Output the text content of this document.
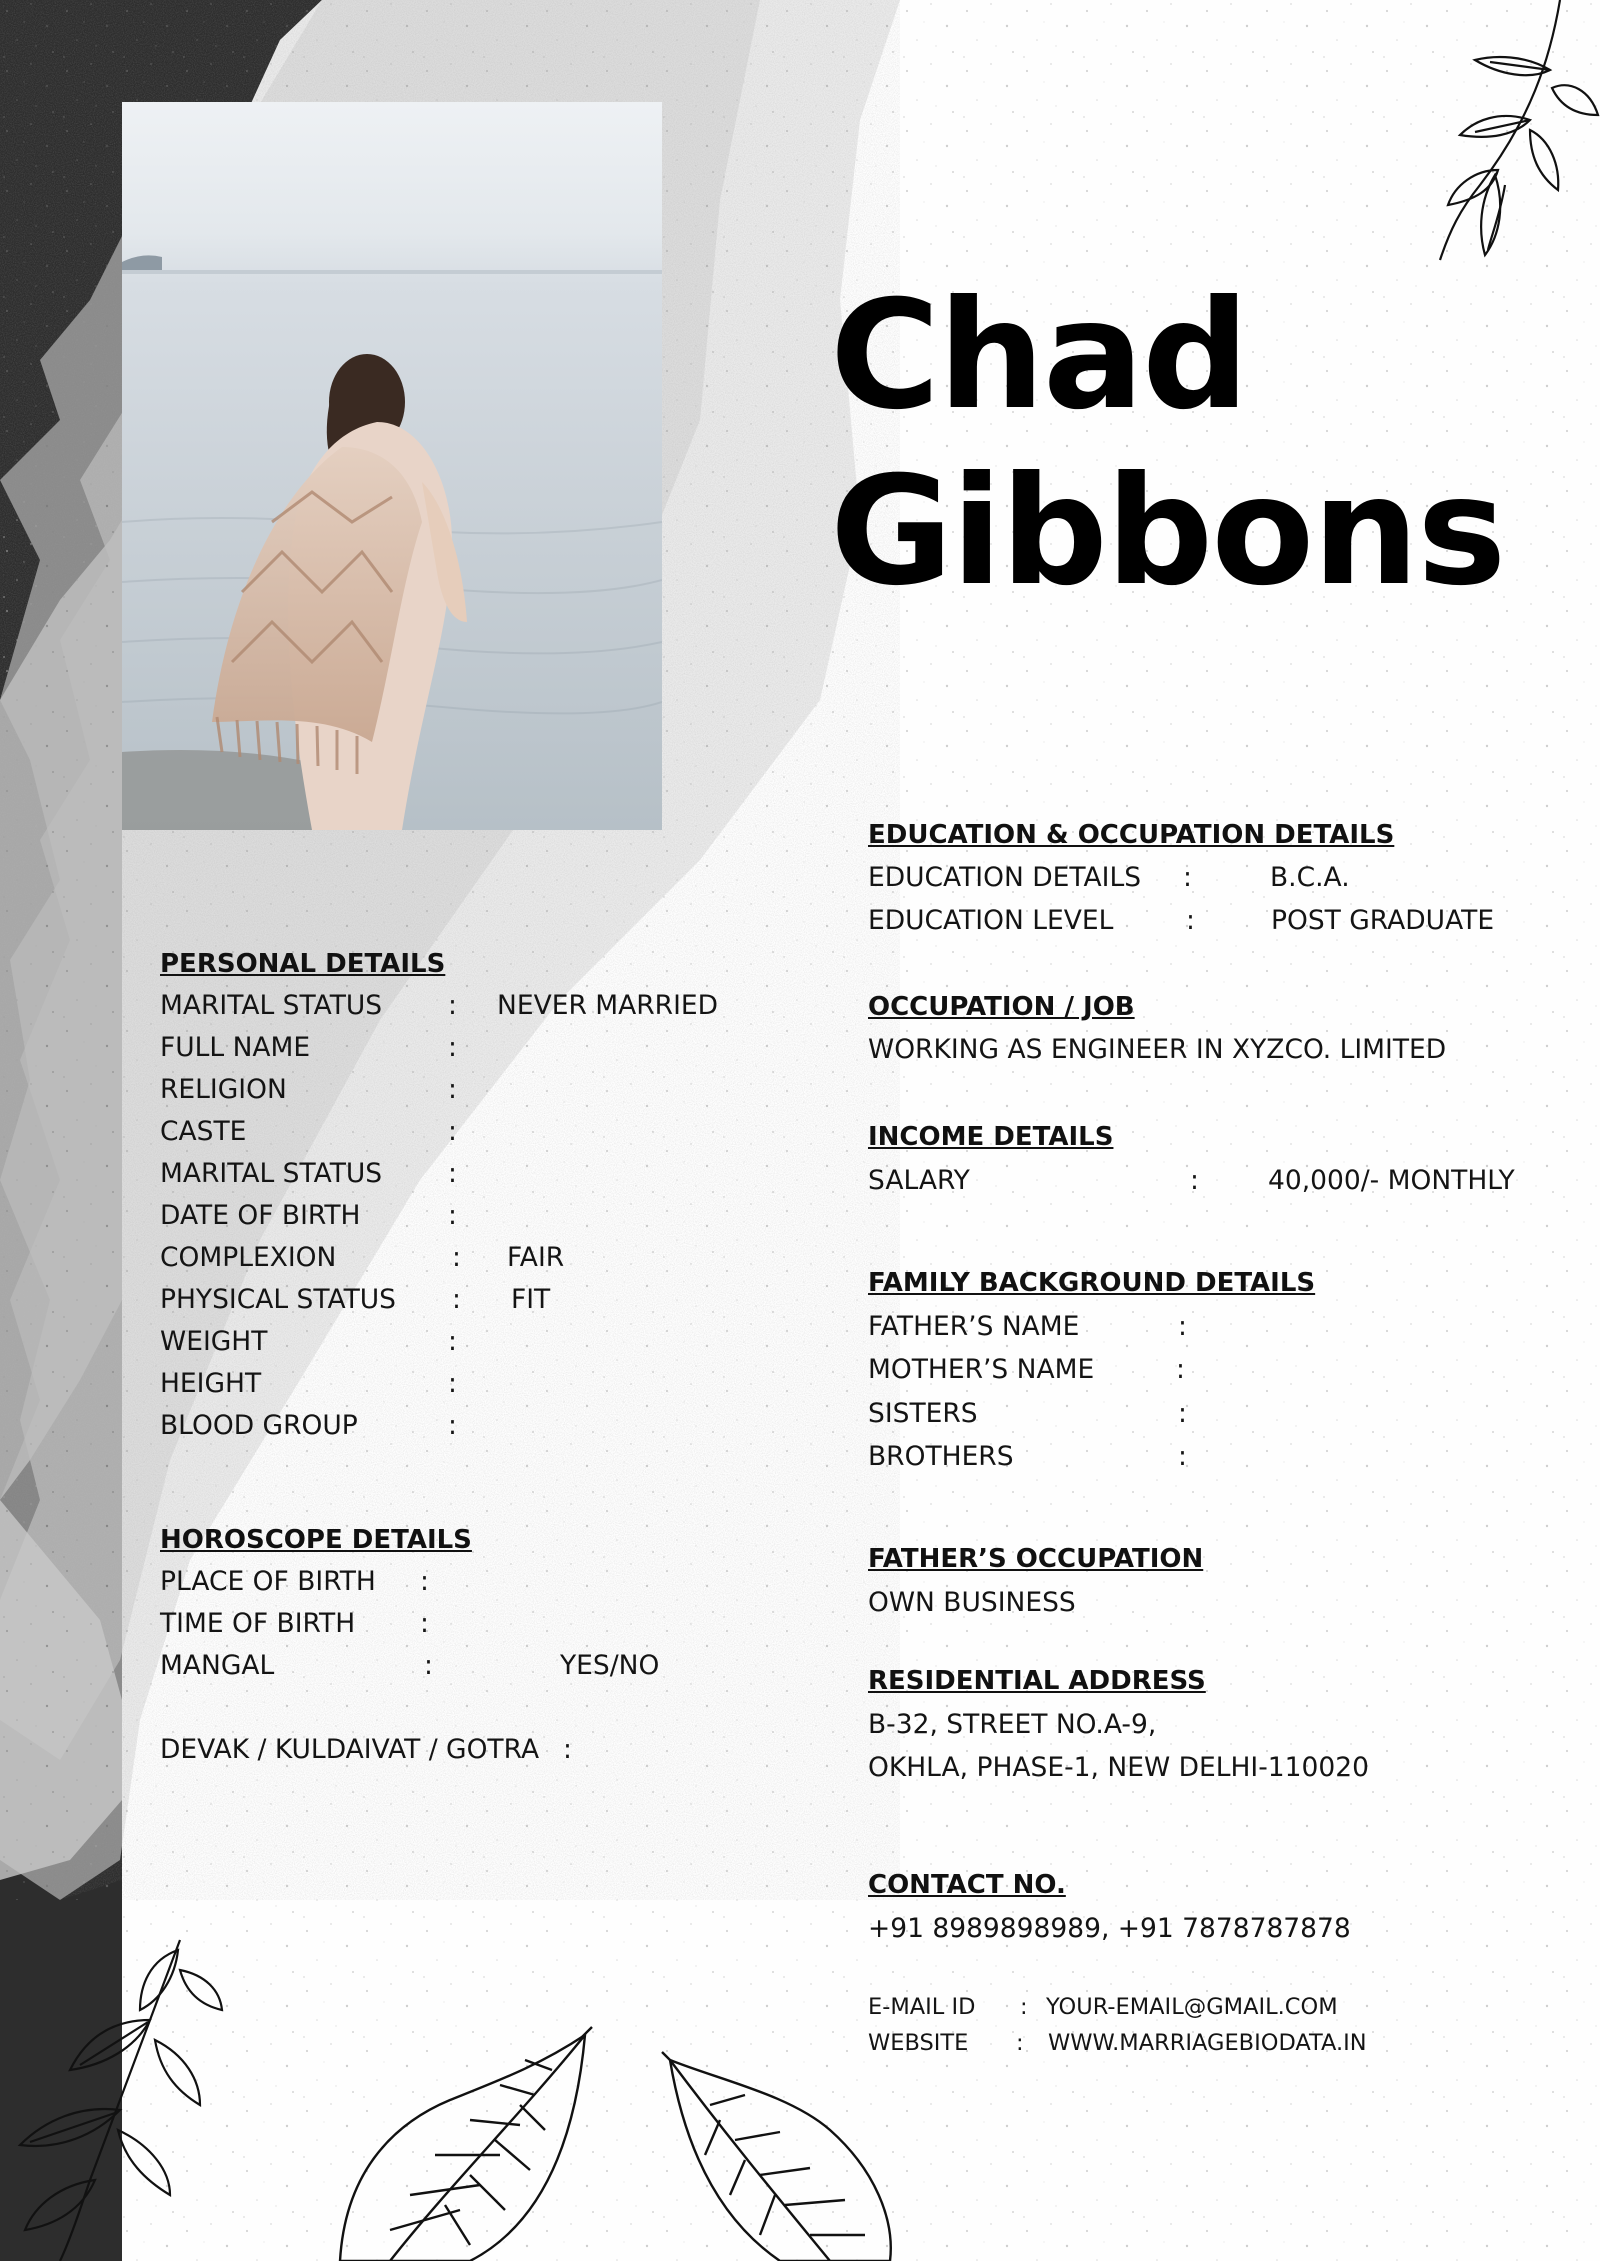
Chad
Gibbons
PERSONAL DETAILS
MARITAL STATUS : NEVER MARRIED
FULL NAME	:
RELIGION	:
CASTE	:
MARITAL STATUS :
DATE OF BIRTH	:
COMPLEXION	: FAIR
PHYSICAL STATUS : FIT
WEIGHT	:
HEIGHT	:
BLOOD GROUP	:
HOROSCOPE DETAILS
PLACE OF BIRTH :
TIME OF BIRTH :
MANGAL	:	YES/NO
DEVAK / KULDAIVAT / GOTRA :
EDUCATION & OCCUPATION DETAILS
EDUCATION DETAILS :	B.C.A.
EDUCATION LEVEL	:	POST GRADUATE
OCCUPATION / JOB
WORKING AS ENGINEER IN XYZCO. LIMITED
INCOME DETAILS
SALARY	:	40,000/- MONTHLY
FAMILY BACKGROUND DETAILS
FATHER’S NAME	:
MOTHER’S NAME	:
SISTERS	:
BROTHERS	:
FATHER’S OCCUPATION
OWN BUSINESS
RESIDENTIAL ADDRESS
B-32, STREET NO.A-9,
OKHLA, PHASE-1, NEW DELHI-110020
CONTACT NO.
+91 8989898989, +91 7878787878
E-MAIL ID : YOUR-EMAIL@GMAIL.COM
WEBSITE : WWW.MARRIAGEBIODATA.IN
